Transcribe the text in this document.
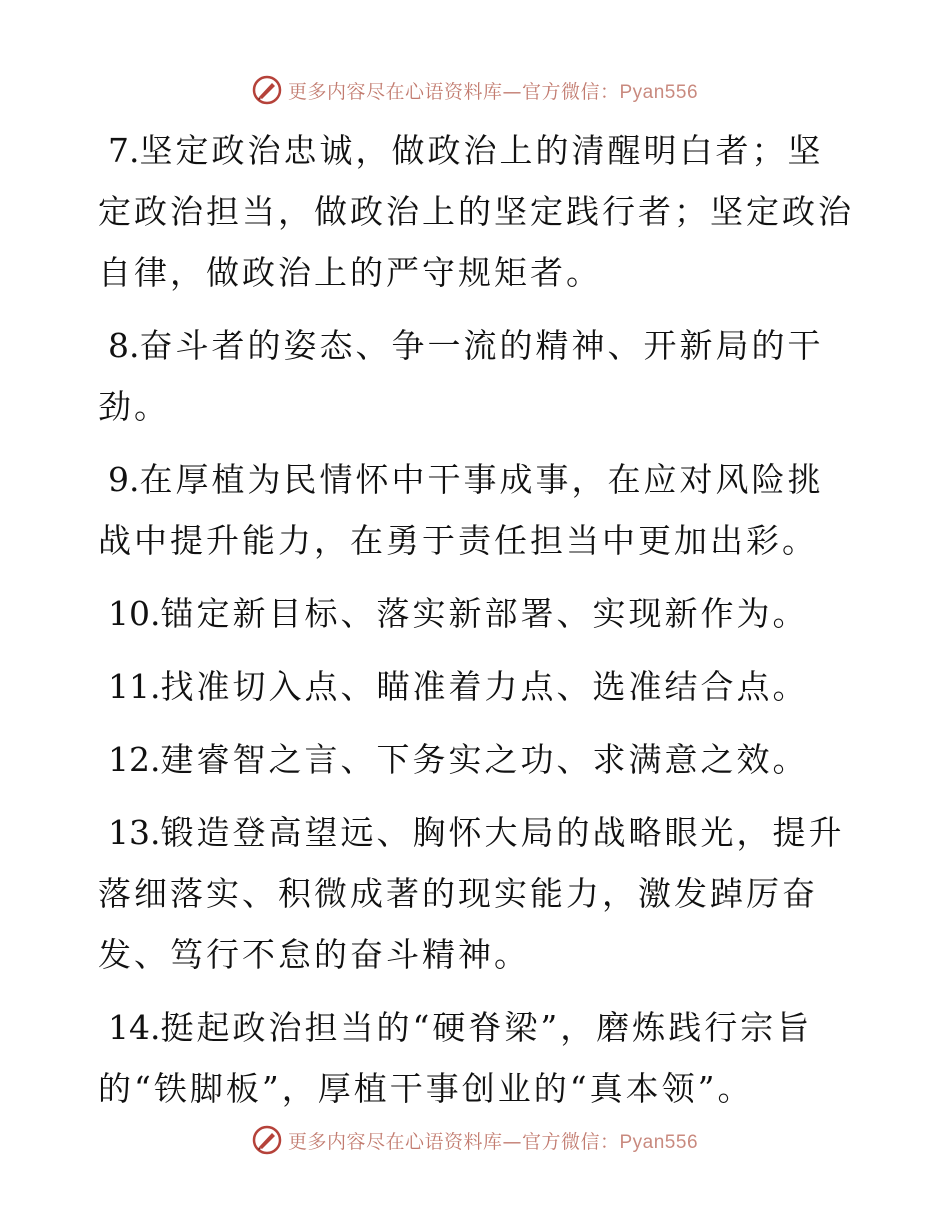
更多内容尽在心语资料库—官方微信：Pyan556

7.坚定政治忠诚，做政治上的清醒明白者；坚定政治担当，做政治上的坚定践行者；坚定政治自律，做政治上的严守规矩者。

8.奋斗者的姿态、争一流的精神、开新局的干劲。

9.在厚植为民情怀中干事成事，在应对风险挑战中提升能力，在勇于责任担当中更加出彩。

10.锚定新目标、落实新部署、实现新作为。

11.找准切入点、瞄准着力点、选准结合点。

12.建睿智之言、下务实之功、求满意之效。

13.锻造登高望远、胸怀大局的战略眼光，提升落细落实、积微成著的现实能力，激发踔厉奋发、笃行不怠的奋斗精神。

14.挺起政治担当的“硬脊梁”，磨炼践行宗旨的“铁脚板”，厚植干事创业的“真本领”。

更多内容尽在心语资料库—官方微信：Pyan556
